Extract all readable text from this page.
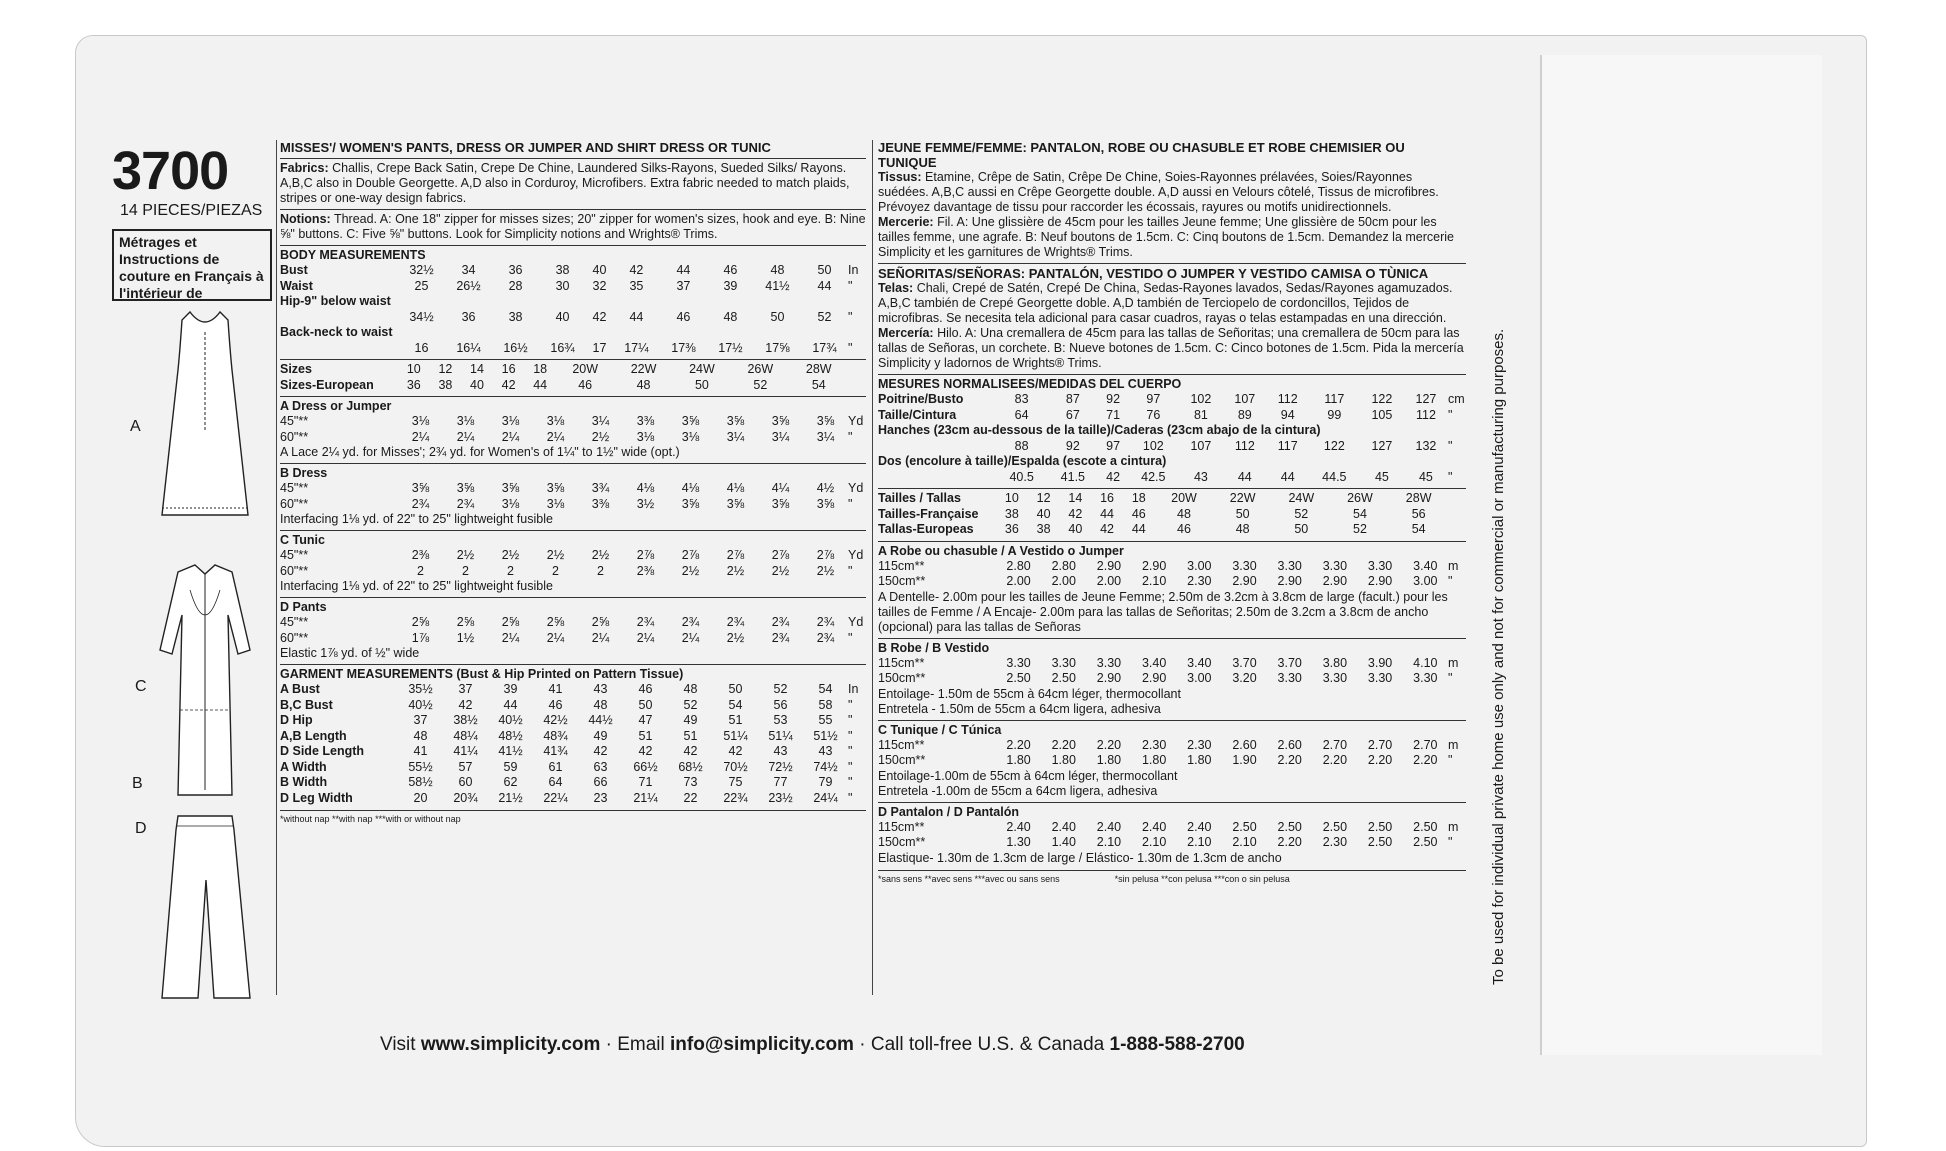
3700
14 PIECES/PIEZAS
Métrages et Instructions de couture en Français à l'intérieur de
A
C
B
D
MISSES'/ WOMEN'S PANTS, DRESS OR JUMPER AND SHIRT DRESS OR TUNIC
Fabrics: Challis, Crepe Back Satin, Crepe De Chine, Laundered Silks-Rayons, Sueded Silks/ Rayons. A,B,C also in Double Georgette. A,D also in Corduroy, Microfibers. Extra fabric needed to match plaids, stripes or one-way design fabrics.
Notions: Thread. A: One 18" zipper for misses sizes; 20" zipper for women's sizes, hook and eye. B: Nine ⅝" buttons. C: Five ⅝" buttons. Look for Simplicity notions and Wrights® Trims.
BODY MEASUREMENTS
Bust	32½	34	36	38	40	42	44	46	48	50	In
Waist	25	26½	28	30	32	35	37	39	41½	44	"
Hip-9" below waist											
	34½	36	38	40	42	44	46	48	50	52	"
Back-neck to waist											
	16	16¼	16½	16¾	17	17¼	17⅜	17½	17⅝	17¾	"
Sizes	10	12	14	16	18	20W	22W	24W	26W	28W	
Sizes-European	36	38	40	42	44	46	48	50	52	54	
A Dress or Jumper
45"**	3⅛	3⅛	3⅛	3⅛	3¼	3⅜	3⅝	3⅝	3⅝	3⅝	Yd
60"**	2¼	2¼	2¼	2¼	2½	3⅛	3⅛	3¼	3¼	3¼	"
A Lace 2¼ yd. for Misses'; 2¾ yd. for Women's of 1¼" to 1½" wide (opt.)
B Dress
45"**	3⅝	3⅝	3⅝	3⅝	3¾	4⅛	4⅛	4⅛	4¼	4½	Yd
60"**	2¾	2¾	3⅛	3⅛	3⅜	3½	3⅝	3⅝	3⅝	3⅝	"
Interfacing 1⅛ yd. of 22" to 25" lightweight fusible
C Tunic
45"**	2⅜	2½	2½	2½	2½	2⅞	2⅞	2⅞	2⅞	2⅞	Yd
60"**	2	2	2	2	2	2⅜	2½	2½	2½	2½	"
Interfacing 1⅛ yd. of 22" to 25" lightweight fusible
D Pants
45"**	2⅝	2⅝	2⅝	2⅝	2⅝	2¾	2¾	2¾	2¾	2¾	Yd
60"**	1⅞	1½	2¼	2¼	2¼	2¼	2¼	2½	2¾	2¾	"
Elastic 1⅞ yd. of ½" wide
GARMENT MEASUREMENTS (Bust & Hip Printed on Pattern Tissue)
A Bust	35½	37	39	41	43	46	48	50	52	54	In
B,C Bust	40½	42	44	46	48	50	52	54	56	58	"
D Hip	37	38½	40½	42½	44½	47	49	51	53	55	"
A,B Length	48	48¼	48½	48¾	49	51	51	51¼	51¼	51½	"
D Side Length	41	41¼	41½	41¾	42	42	42	42	43	43	"
A Width	55½	57	59	61	63	66½	68½	70½	72½	74½	"
B Width	58½	60	62	64	66	71	73	75	77	79	"
D Leg Width	20	20¾	21½	22¼	23	21¼	22	22¾	23½	24¼	"
*without nap **with nap ***with or without nap
JEUNE FEMME/FEMME: PANTALON, ROBE OU CHASUBLE ET ROBE CHEMISIER OU TUNIQUE
Tissus: Etamine, Crêpe de Satin, Crêpe De Chine, Soies-Rayonnes prélavées, Soies/Rayonnes suédées. A,B,C aussi en Crêpe Georgette double. A,D aussi en Velours côtelé, Tissus de microfibres. Prévoyez davantage de tissu pour raccorder les écossais, rayures ou motifs unidirectionnels.
Mercerie: Fil. A: Une glissière de 45cm pour les tailles Jeune femme; Une glissière de 50cm pour les tailles femme, une agrafe. B: Neuf boutons de 1.5cm. C: Cinq boutons de 1.5cm. Demandez la mercerie Simplicity et les garnitures de Wrights® Trims.
SEÑORITAS/SEÑORAS: PANTALÓN, VESTIDO O JUMPER Y VESTIDO CAMISA O TÙNICA
Telas: Chali, Crepé de Satén, Crepé De China, Sedas-Rayones lavados, Sedas/Rayones agamuzados. A,B,C también de Crepé Georgette doble. A,D también de Terciopelo de cordoncillos, Tejidos de microfibras. Se necesita tela adicional para casar cuadros, rayas o telas estampadas en una dirección.
Mercería: Hilo. A: Una cremallera de 45cm para las tallas de Señoritas; una cremallera de 50cm para las tallas de Señoras, un corchete. B: Nueve botones de 1.5cm. C: Cinco botones de 1.5cm. Pida la mercería Simplicity y ladornos de Wrights® Trims.
MESURES NORMALISEES/MEDIDAS DEL CUERPO
Poitrine/Busto	83	87	92	97	102	107	112	117	122	127	cm
Taille/Cintura	64	67	71	76	81	89	94	99	105	112	"
Hanches (23cm au-dessous de la taille)/Caderas (23cm abajo de la cintura)											
	88	92	97	102	107	112	117	122	127	132	"
Dos (encolure à taille)/Espalda (escote a cintura)											
	40.5	41.5	42	42.5	43	44	44	44.5	45	45	"
Tailles / Tallas	10	12	14	16	18	20W	22W	24W	26W	28W	
Tailles-Française	38	40	42	44	46	48	50	52	54	56	
Tallas-Europeas	36	38	40	42	44	46	48	50	52	54	
A Robe ou chasuble / A Vestido o Jumper
115cm**	2.80	2.80	2.90	2.90	3.00	3.30	3.30	3.30	3.30	3.40	m
150cm**	2.00	2.00	2.00	2.10	2.30	2.90	2.90	2.90	2.90	3.00	"
A Dentelle- 2.00m pour les tailles de Jeune Femme; 2.50m de 3.2cm à 3.8cm de large (facult.) pour les tailles de Femme / A Encaje- 2.00m para las tallas de Señoritas; 2.50m de 3.2cm a 3.8cm de ancho (opcional) para las tallas de Señoras
B Robe / B Vestido
115cm**	3.30	3.30	3.30	3.40	3.40	3.70	3.70	3.80	3.90	4.10	m
150cm**	2.50	2.50	2.90	2.90	3.00	3.20	3.30	3.30	3.30	3.30	"
Entoilage- 1.50m de 55cm à 64cm léger, thermocollant
Entretela - 1.50m de 55cm a 64cm ligera, adhesiva
C Tunique / C Túnica
115cm**	2.20	2.20	2.20	2.30	2.30	2.60	2.60	2.70	2.70	2.70	m
150cm**	1.80	1.80	1.80	1.80	1.80	1.90	2.20	2.20	2.20	2.20	"
Entoilage-1.00m de 55cm à 64cm léger, thermocollant
Entretela -1.00m de 55cm a 64cm ligera, adhesiva
D Pantalon / D Pantalón
115cm**	2.40	2.40	2.40	2.40	2.40	2.50	2.50	2.50	2.50	2.50	m
150cm**	1.30	1.40	2.10	2.10	2.10	2.10	2.20	2.30	2.50	2.50	"
Elastique- 1.30m de 1.3cm de large / Elástico- 1.30m de 1.3cm de ancho
*sans sens **avec sens ***avec ou sans sens	*sin pelusa **con pelusa ***con o sin pelusa
Visit www.simplicity.com · Email info@simplicity.com · Call toll-free U.S. & Canada 1-888-588-2700
To be used for individual private home use only and not for commercial or manufacturing purposes.
